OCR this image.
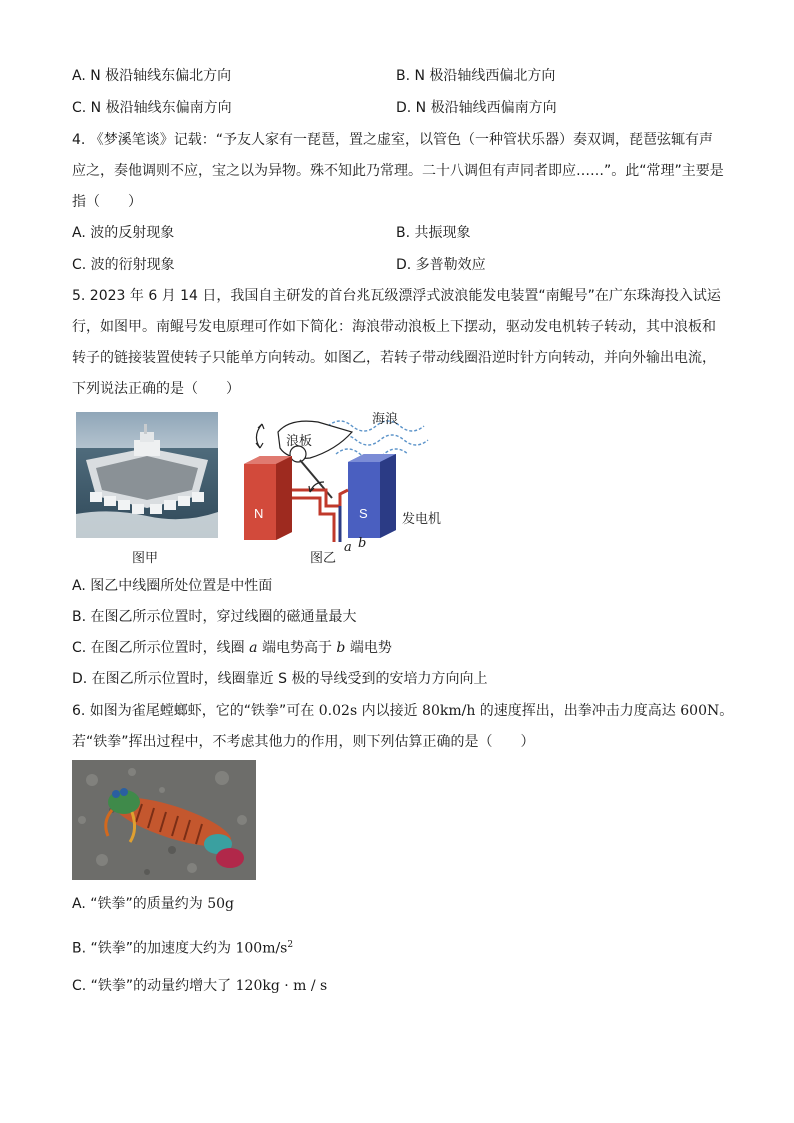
A. N 极沿轴线东偏北方向	B. N 极沿轴线西偏北方向
C. N 极沿轴线东偏南方向	D. N 极沿轴线西偏南方向
4. 《梦溪笔谈》记载：“予友人家有一琵琶，置之虚室，以管色（一种管状乐器）奏双调，琵琶弦辄有声
应之，奏他调则不应，宝之以为异物。殊不知此乃常理。二十八调但有声同者即应……”。此“常理”主要是
指（　　）
A. 波的反射现象	B. 共振现象
C. 波的衍射现象	D. 多普勒效应
5. 2023 年 6 月 14 日，我国自主研发的首台兆瓦级漂浮式波浪能发电装置“南鲲号”在广东珠海投入试运
行，如图甲。南鲲号发电原理可作如下简化：海浪带动浪板上下摆动，驱动发电机转子转动，其中浪板和
转子的链接装置使转子只能单方向转动。如图乙，若转子带动线圈沿逆时针方向转动，并向外输出电流，
下列说法正确的是（　　）
图甲
浪板
海浪
N	S	发电机
a b
图乙
A. 图乙中线圈所处位置是中性面
B. 在图乙所示位置时，穿过线圈的磁通量最大
C. 在图乙所示位置时，线圈 a 端电势高于 b 端电势
D. 在图乙所示位置时，线圈靠近 S 极的导线受到的安培力方向向上
6. 如图为雀尾螳螂虾，它的“铁拳”可在 0.02s 内以接近 80km/h 的速度挥出，出拳冲击力度高达 600N。
若“铁拳”挥出过程中，不考虑其他力的作用，则下列估算正确的是（　　）
A. “铁拳”的质量约为 50g
B. “铁拳”的加速度大约为 $100m/s^2$
C. “铁拳”的动量约增大了 120kg · m / s
